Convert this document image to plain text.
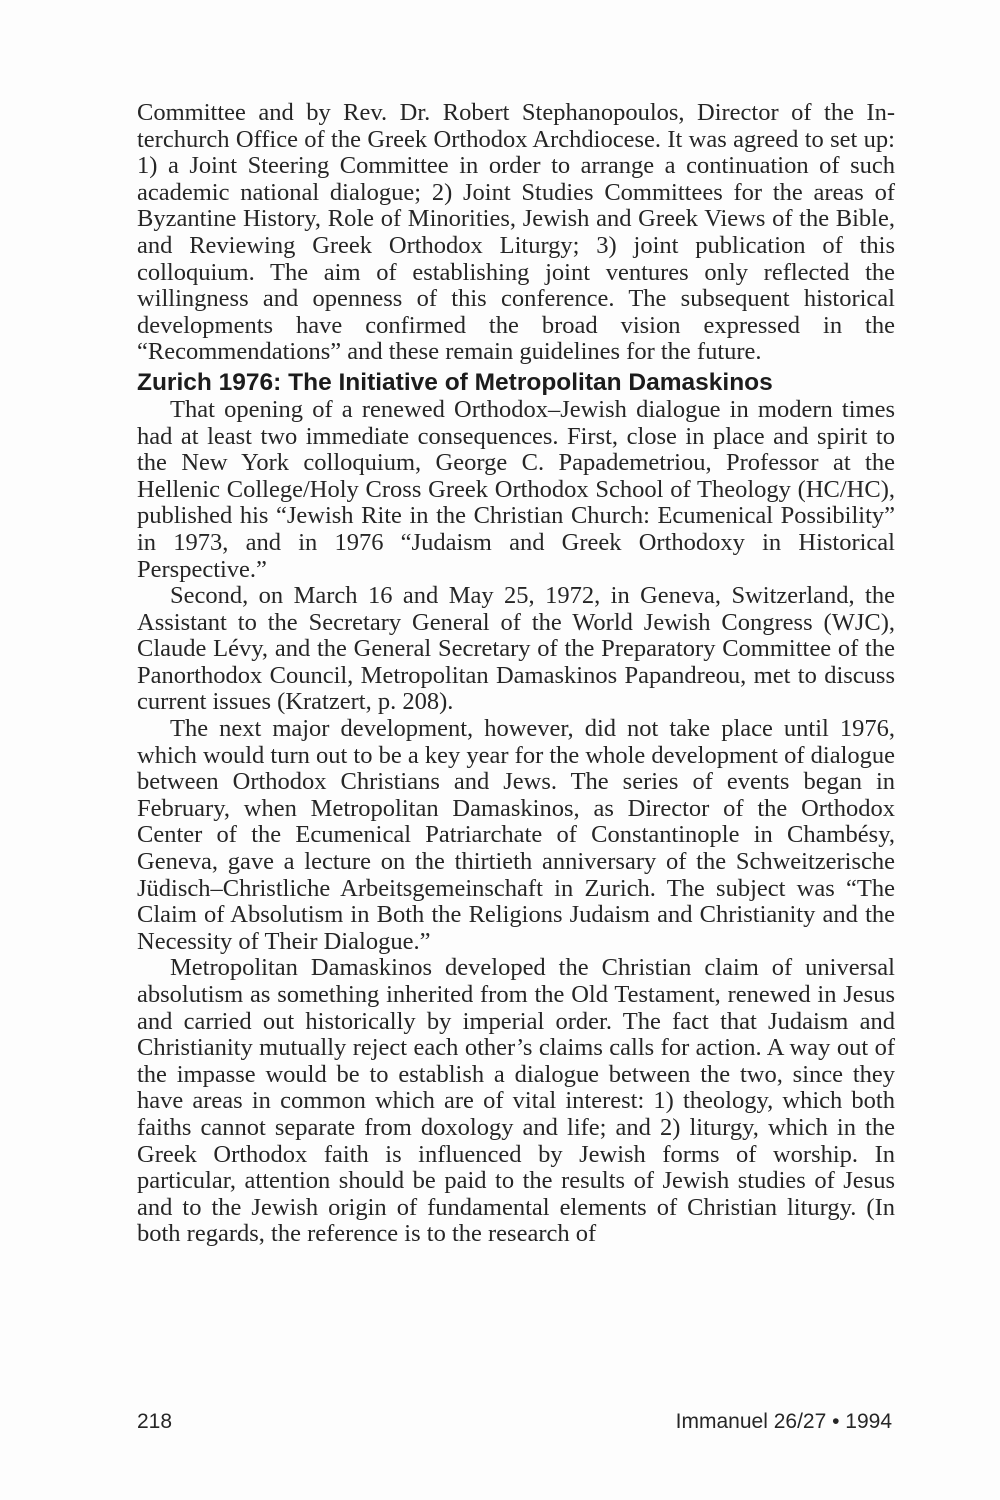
Committee and by Rev. Dr. Robert Stephanopoulos, Director of the Interchurch Office of the Greek Orthodox Archdiocese. It was agreed to set up: 1) a Joint Steering Committee in order to arrange a continuation of such academic national dialogue; 2) Joint Studies Committees for the areas of Byzantine History, Role of Minorities, Jewish and Greek Views of the Bible, and Reviewing Greek Orthodox Liturgy; 3) joint publication of this colloquium. The aim of establishing joint ventures only reflected the willingness and openness of this conference. The subsequent historical developments have confirmed the broad vision expressed in the “Recommendations” and these remain guidelines for the future.

Zurich 1976: The Initiative of Metropolitan Damaskinos

That opening of a renewed Orthodox–Jewish dialogue in modern times had at least two immediate consequences. First, close in place and spirit to the New York colloquium, George C. Papademetriou, Professor at the Hellenic College/Holy Cross Greek Orthodox School of Theology (HC/HC), published his “Jewish Rite in the Christian Church: Ecumenical Possibility” in 1973, and in 1976 “Judaism and Greek Orthodoxy in Historical Perspective.”

Second, on March 16 and May 25, 1972, in Geneva, Switzerland, the Assistant to the Secretary General of the World Jewish Congress (WJC), Claude Lévy, and the General Secretary of the Preparatory Committee of the Panorthodox Council, Metropolitan Damaskinos Papandreou, met to discuss current issues (Kratzert, p. 208).

The next major development, however, did not take place until 1976, which would turn out to be a key year for the whole development of dialogue between Orthodox Christians and Jews. The series of events began in February, when Metropolitan Damaskinos, as Director of the Orthodox Center of the Ecumenical Patriarchate of Constantinople in Chambésy, Geneva, gave a lecture on the thirtieth anniversary of the Schweitzerische Jüdisch–Christliche Arbeitsgemeinschaft in Zurich. The subject was “The Claim of Absolutism in Both the Religions Judaism and Christianity and the Necessity of Their Dialogue.”

Metropolitan Damaskinos developed the Christian claim of universal absolutism as something inherited from the Old Testament, renewed in Jesus and carried out historically by imperial order. The fact that Judaism and Christianity mutually reject each other’s claims calls for action. A way out of the impasse would be to establish a dialogue between the two, since they have areas in common which are of vital interest: 1) theology, which both faiths cannot separate from doxology and life; and 2) liturgy, which in the Greek Orthodox faith is influenced by Jewish forms of worship. In particular, attention should be paid to the results of Jewish studies of Jesus and to the Jewish origin of fundamental elements of Christian liturgy. (In both regards, the reference is to the research of

218	Immanuel 26/27 • 1994
